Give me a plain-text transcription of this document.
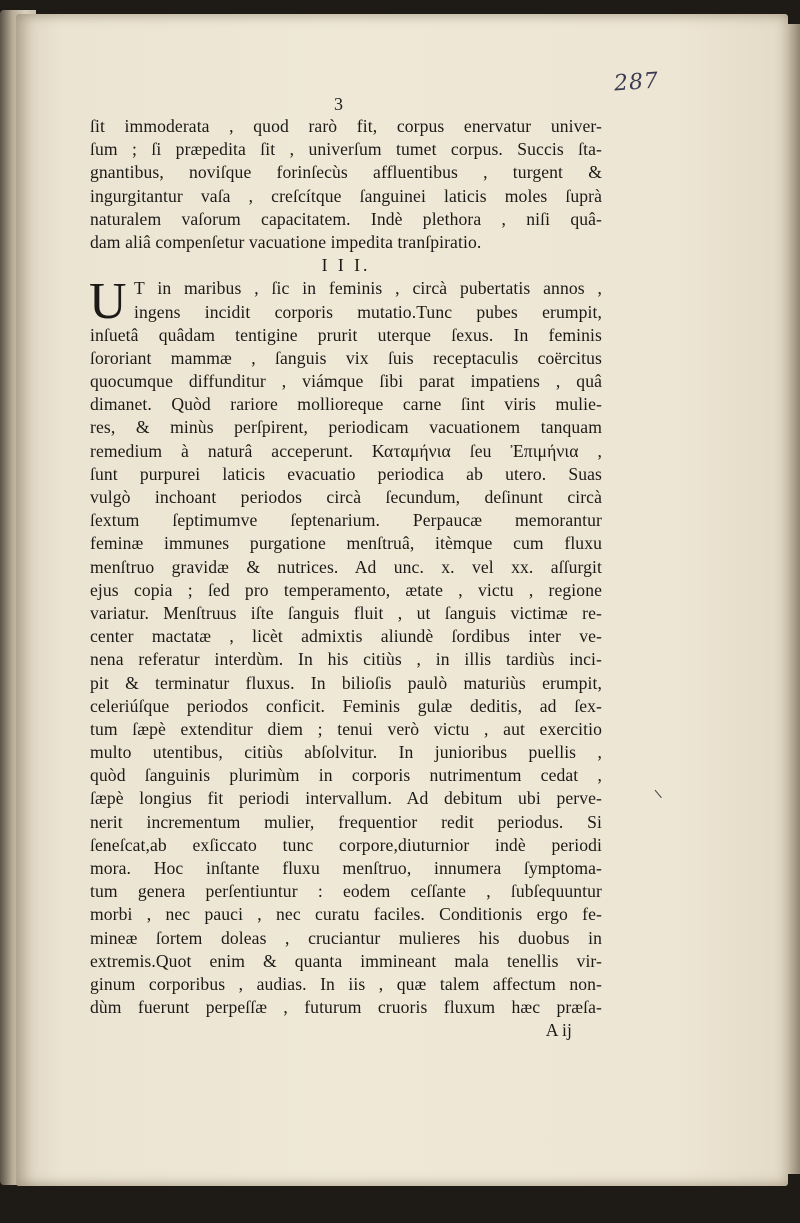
287
3
ſit immoderata , quod rarò fit, corpus enervatur univer-
ſum ; ſi præpedita ſit , univerſum tumet corpus. Succis ſta-
gnantibus, noviſque forinſecùs affluentibus , turgent &
ingurgitantur vaſa , creſcítque ſanguinei laticis moles ſuprà
naturalem vaſorum capacitatem. Indè plethora , niſi quâ-
dam aliâ compenſetur vacuatione impedita tranſpiratio.
I I I.
U T in maribus , ſic in feminis , circà pubertatis annos ,
ingens incidit corporis mutatio.Tunc pubes erumpit,
inſuetâ quâdam tentigine prurit uterque ſexus. In feminis
ſororiant mammæ , ſanguis vix ſuis receptaculis coërcitus
quocumque diffunditur , viámque ſibi parat impatiens , quâ
dimanet. Quòd rariore mollioreque carne ſint viris mulie-
res, & minùs perſpirent, periodicam vacuationem tanquam
remedium à naturâ acceperunt. Καταμήνια ſeu Ἐπιμήνια ,
ſunt purpurei laticis evacuatio periodica ab utero. Suas
vulgò inchoant periodos circà ſecundum, deſinunt circà
ſextum ſeptimumve ſeptenarium. Perpaucæ memorantur
feminæ immunes purgatione menſtruâ, itèmque cum fluxu
menſtruo gravidæ & nutrices. Ad unc. x. vel xx. aſſurgit
ejus copia ; ſed pro temperamento, ætate , victu , regione
variatur. Menſtruus iſte ſanguis fluit , ut ſanguis victimæ re-
center mactatæ , licèt admixtis aliundè ſordibus inter ve-
nena referatur interdùm. In his citiùs , in illis tardiùs inci-
pit & terminatur fluxus. In bilioſis paulò maturiùs erumpit,
celeriúſque periodos conficit. Feminis gulæ deditis, ad ſex-
tum ſæpè extenditur diem ; tenui verò victu , aut exercitio
multo utentibus, citiùs abſolvitur. In junioribus puellis ,
quòd ſanguinis plurimùm in corporis nutrimentum cedat ,
ſæpè longius fit periodi intervallum. Ad debitum ubi perve-
nerit incrementum mulier, frequentior redit periodus. Si
ſeneſcat,ab exſiccato tunc corpore,diuturnior indè periodi
mora. Hoc inſtante fluxu menſtruo, innumera ſymptoma-
tum genera perſentiuntur : eodem ceſſante , ſubſequuntur
morbi , nec pauci , nec curatu faciles. Conditionis ergo fe-
mineæ ſortem doleas , cruciantur mulieres his duobus in
extremis.Quot enim & quanta immineant mala tenellis vir-
ginum corporibus , audias. In iis , quæ talem affectum non-
dùm fuerunt perpeſſæ , futurum cruoris fluxum hæc præſa-
A ij
